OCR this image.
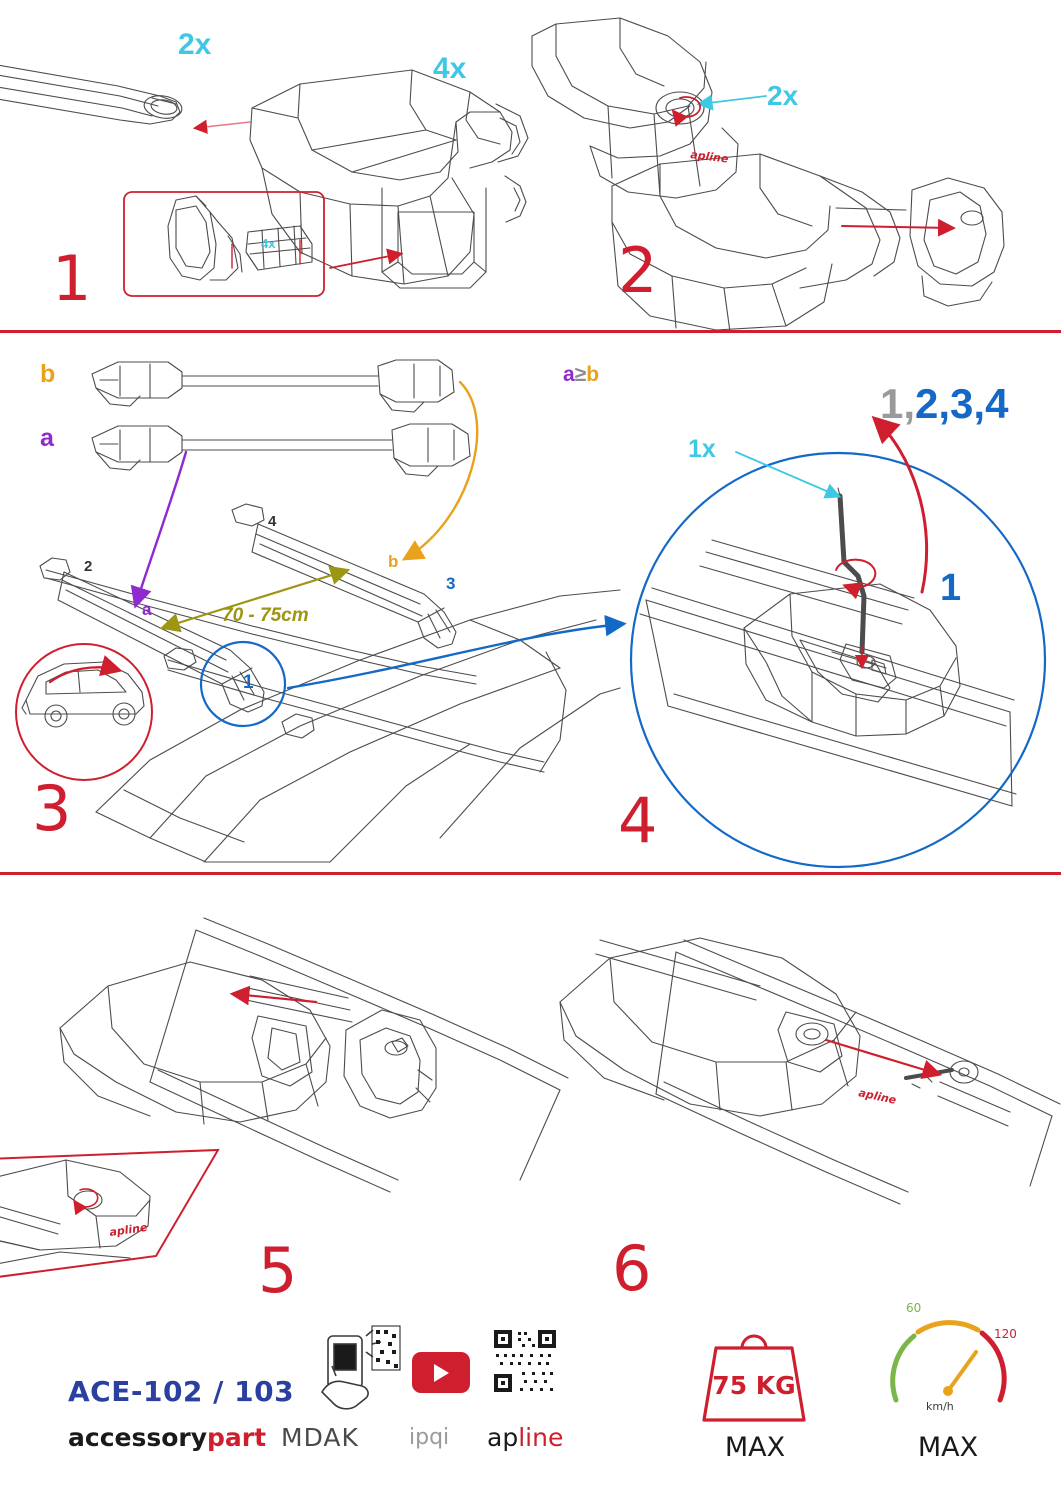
apline
apline
apline
1	2
3	4
5	6
2x
4x
4x
2x
b
a
a≥b
a
b
70 - 75cm
2
4
3
1
1x
1,2,3,4
1
ACE-102 / 103
accessorypart MDAK ipqi apline
60
120
km/h
75 KG
MAX	MAX
